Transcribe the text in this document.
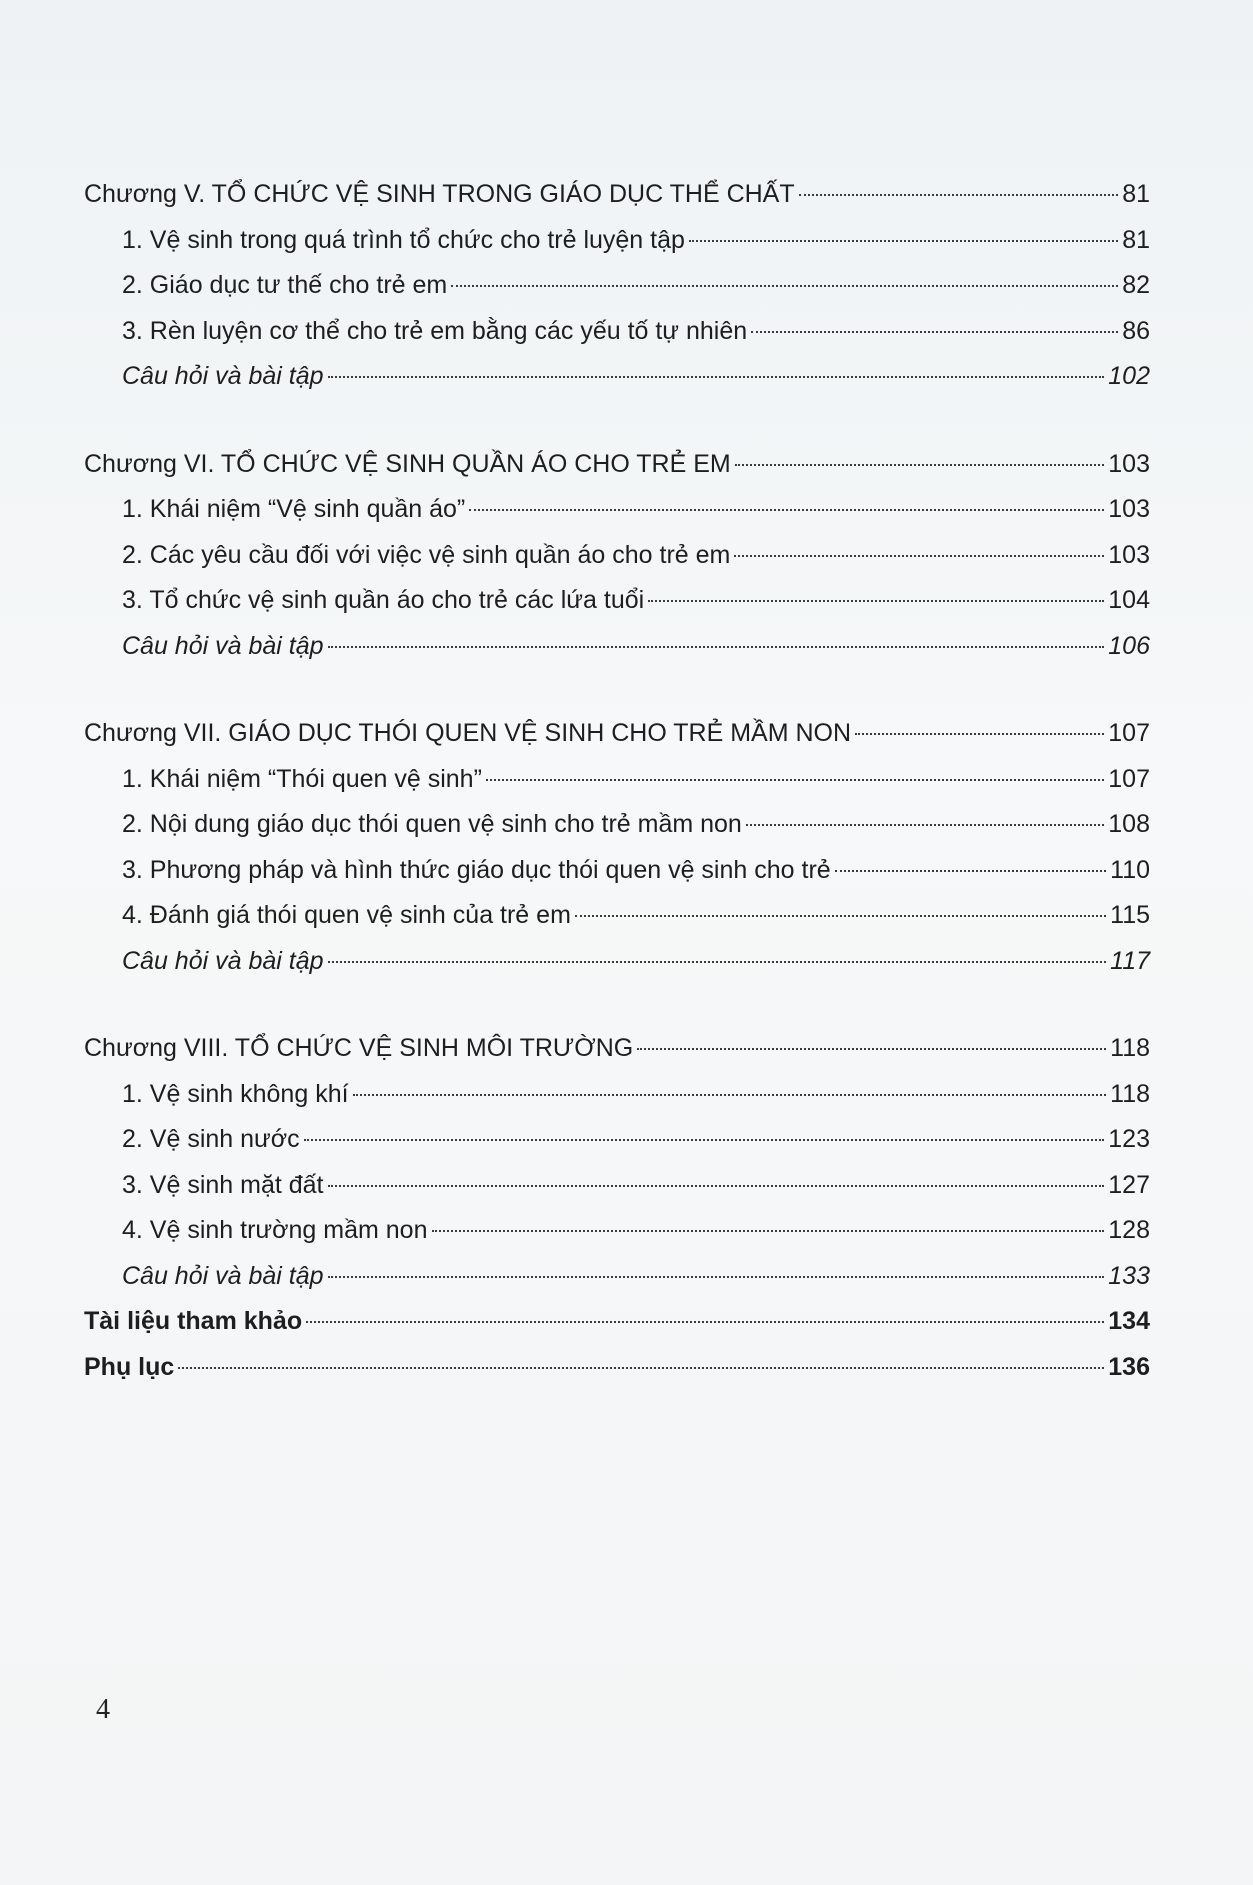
Chương V. TỔ CHỨC VỆ SINH TRONG GIÁO DỤC THỂ CHẤT	81
1. Vệ sinh trong quá trình tổ chức cho trẻ luyện tập	81
2. Giáo dục tư thế cho trẻ em	82
3. Rèn luyện cơ thể cho trẻ em bằng các yếu tố tự nhiên	86
Câu hỏi và bài tập	102
Chương VI. TỔ CHỨC VỆ SINH QUẦN ÁO CHO TRẺ EM	103
1. Khái niệm “Vệ sinh quần áo”	103
2. Các yêu cầu đối với việc vệ sinh quần áo cho trẻ em	103
3. Tổ chức vệ sinh quần áo cho trẻ các lứa tuổi	104
Câu hỏi và bài tập	106
Chương VII. GIÁO DỤC THÓI QUEN VỆ SINH CHO TRẺ MẦM NON	107
1. Khái niệm “Thói quen vệ sinh”	107
2. Nội dung giáo dục thói quen vệ sinh cho trẻ mầm non	108
3. Phương pháp và hình thức giáo dục thói quen vệ sinh cho trẻ	110
4. Đánh giá thói quen vệ sinh của trẻ em	115
Câu hỏi và bài tập	117
Chương VIII. TỔ CHỨC VỆ SINH MÔI TRƯỜNG	118
1. Vệ sinh không khí	118
2. Vệ sinh nước	123
3. Vệ sinh mặt đất	127
4. Vệ sinh trường mầm non	128
Câu hỏi và bài tập	133
Tài liệu tham khảo	134
Phụ lục	136
4
